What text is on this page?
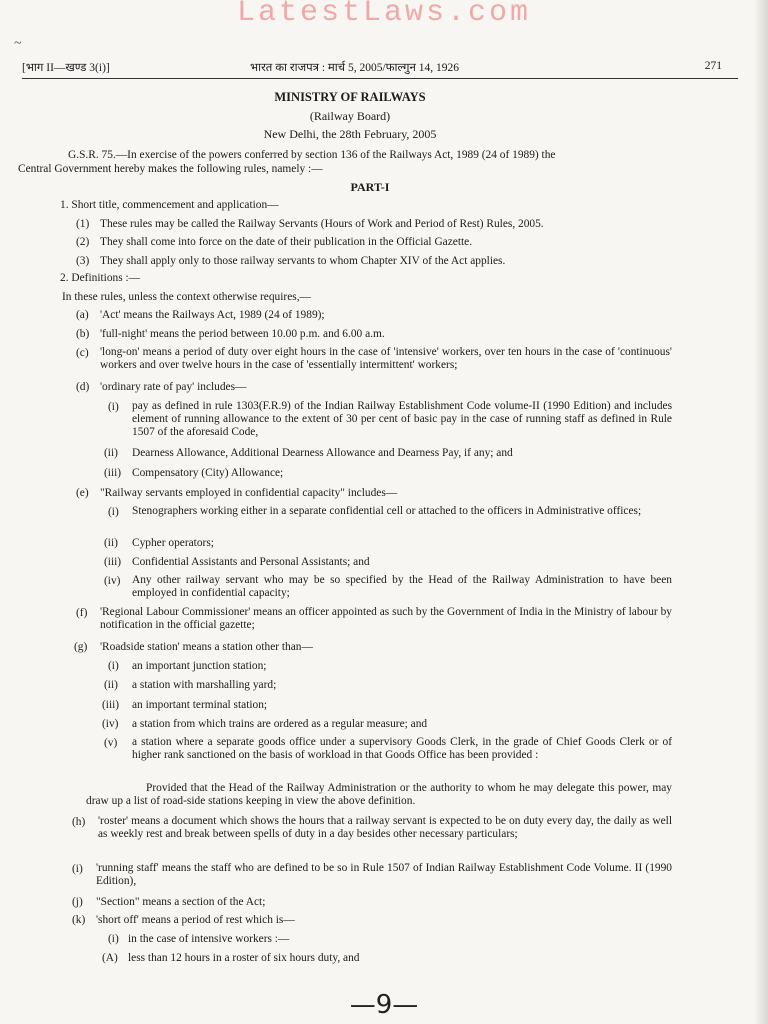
LatestLaws.com
~
[भाग II—खण्ड 3(i)]	भारत का राजपत्र : मार्च 5, 2005/फाल्गुन 14, 1926	271
MINISTRY OF RAILWAYS
(Railway Board)
New Delhi, the 28th February, 2005
G.S.R. 75.—In exercise of the powers conferred by section 136 of the Railways Act, 1989 (24 of 1989) the
Central Government hereby makes the following rules, namely :—
PART-I
1. Short title, commencement and application—
(1) These rules may be called the Railway Servants (Hours of Work and Period of Rest) Rules, 2005.
(2) They shall come into force on the date of their publication in the Official Gazette.
(3) They shall apply only to those railway servants to whom Chapter XIV of the Act applies.
2. Definitions :—
In these rules, unless the context otherwise requires,—
(a) 'Act' means the Railways Act, 1989 (24 of 1989);
(b) 'full-night' means the period between 10.00 p.m. and 6.00 a.m.
(c) 'long-on' means a period of duty over eight hours in the case of 'intensive' workers, over ten hours in the case of 'continuous' workers and over twelve hours in the case of 'essentially intermittent' workers;
(d) 'ordinary rate of pay' includes—
(i) pay as defined in rule 1303(F.R.9) of the Indian Railway Establishment Code volume-II (1990 Edition) and includes element of running allowance to the extent of 30 per cent of basic pay in the case of running staff as defined in Rule 1507 of the aforesaid Code,
(ii) Dearness Allowance, Additional Dearness Allowance and Dearness Pay, if any; and
(iii) Compensatory (City) Allowance;
(e) "Railway servants employed in confidential capacity" includes—
(i) Stenographers working either in a separate confidential cell or attached to the officers in Administrative offices;
(ii) Cypher operators;
(iii) Confidential Assistants and Personal Assistants; and
(iv) Any other railway servant who may be so specified by the Head of the Railway Administration to have been employed in confidential capacity;
(f) 'Regional Labour Commissioner' means an officer appointed as such by the Government of India in the Ministry of labour by notification in the official gazette;
(g) 'Roadside station' means a station other than—
(i) an important junction station;
(ii) a station with marshalling yard;
(iii) an important terminal station;
(iv) a station from which trains are ordered as a regular measure; and
(v) a station where a separate goods office under a supervisory Goods Clerk, in the grade of Chief Goods Clerk or of higher rank sanctioned on the basis of workload in that Goods Office has been provided :
Provided that the Head of the Railway Administration or the authority to whom he may delegate this power, may draw up a list of road-side stations keeping in view the above definition.
(h) 'roster' means a document which shows the hours that a railway servant is expected to be on duty every day, the daily as well as weekly rest and break between spells of duty in a day besides other necessary particulars;
(i) 'running staff' means the staff who are defined to be so in Rule 1507 of Indian Railway Establishment Code Volume. II (1990 Edition),
(j) "Section" means a section of the Act;
(k) 'short off' means a period of rest which is—
(i) in the case of intensive workers :—
(A) less than 12 hours in a roster of six hours duty, and
—9—
